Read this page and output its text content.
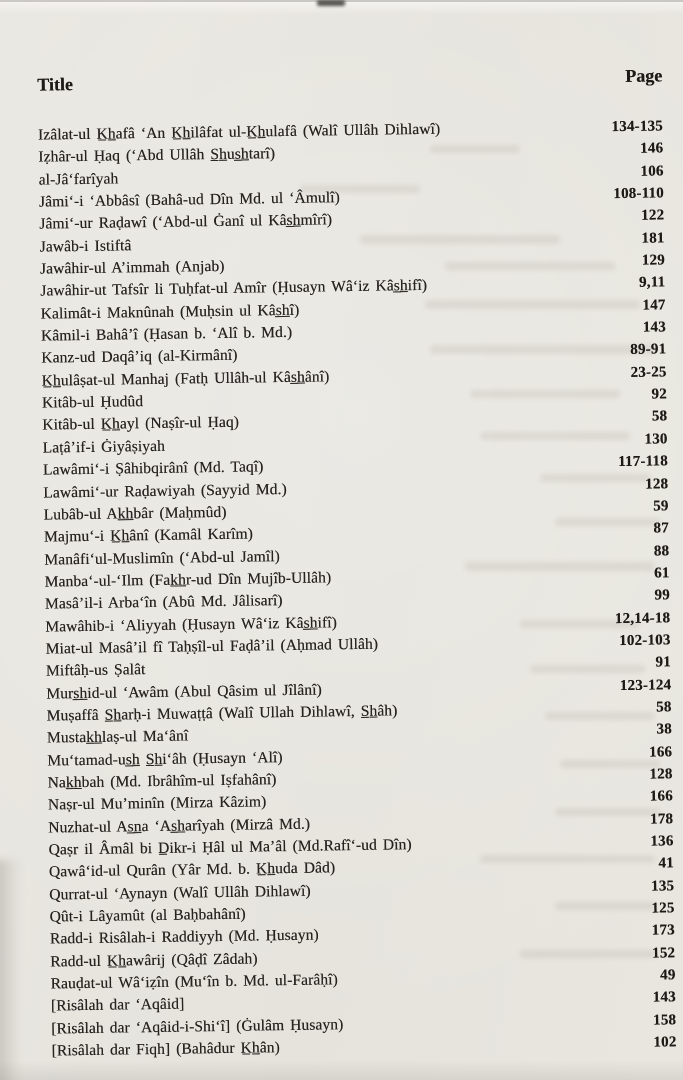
Title	Page
Izâlat-ul K̲h̲afâ ‘An K̲h̲ilâfat ul-K̲h̲ulafâ (Walî Ullâh Dihlawî)	134-135
Iẓhâr-ul Ḥaq (‘Abd Ullâh S̲h̲us̲h̲tarî)	146
al-Jâ‘farîyah	106
Jâmi‘-i ‘Abbâsî (Bahâ-ud Dîn Md. ul ‘Âmulî)	108-110
Jâmi‘-ur Raḍawî (‘Abd-ul Ġanî ul Kâs̲h̲mîrî)	122
Jawâb-i Istiftâ	181
Jawâhir-ul A’immah (Anjab)	129
Jawâhir-ut Tafsîr li Tuḥfat-ul Amîr (Ḥusayn Wâ‘iz Kâs̲h̲ifî)	9,11
Kalimât-i Maknûnah (Muḥsin ul Kâs̲h̲î)	147
Kâmil-i Bahâ’î (Ḥasan b. ‘Alî b. Md.)	143
Kanz-ud Daqâ’iq (al-Kirmânî)	89-91
K̲h̲ulâṣat-ul Manhaj (Fatḥ Ullâh-ul Kâs̲h̲ânî)	23-25
Kitâb-ul Ḥudûd	92
Kitâb-ul K̲h̲ayl (Naṣîr-ul Ḥaq)	58
Laṭâ’if-i Ġiyâṣiyah	130
Lawâmi‘-i Ṣâhibqirânî (Md. Taqî)	117-118
Lawâmi‘-ur Raḍawiyah (Sayyid Md.)	128
Lubâb-ul Ak̲h̲bâr (Maḥmûd)	59
Majmu‘-i K̲h̲ânî (Kamâl Karîm)	87
Manâfi‘ul-Muslimîn (‘Abd-ul Jamîl)	88
Manba‘-ul-‘Ilm (Fak̲h̲r-ud Dîn Mujîb-Ullâh)	61
Masâ’il-i Arba‘în (Abû Md. Jâlisarî)	99
Mawâhib-i ‘Aliyyah (Ḥusayn Wâ‘iz Kâs̲h̲ifî)	12,14-18
Miat-ul Masâ’il fî Taḥṣîl-ul Faḍâ’il (Aḥmad Ullâh)	102-103
Miftâḥ-us Ṣalât	91
Murs̲h̲id-ul ‘Awâm (Abul Qâsim ul Jîlânî)	123-124
Muṣaffâ S̲h̲arḥ-i Muwaṭṭâ (Walî Ullah Dihlawî, S̲h̲âh)	58
Mustak̲h̲laṣ-ul Ma‘ânî	38
Mu‘tamad-us̲h̲ S̲h̲i‘âh (Ḥusayn ‘Alî)	166
Nak̲h̲bah (Md. Ibrâhîm-ul Iṣfahânî)	128
Naṣr-ul Mu’minîn (Mirza Kâzim)	166
Nuzhat-ul As̲n̲a ‘As̲h̲arîyah (Mirzâ Md.)	178
Qaṣr il Âmâl bi D̲ikr-i Ḥâl ul Ma’âl (Md.Rafî‘-ud Dîn)	136
Qawâ‘id-ul Qurân (Yâr Md. b. K̲h̲uda Dâd)	41
Qurrat-ul ‘Aynayn (Walî Ullâh Dihlawî)	135
Qût-i Lâyamût (al Baḥbahânî)	125
Radd-i Risâlah-i Raddiyyh (Md. Ḥusayn)	173
Radd-ul K̲h̲awârij (Qâḍî Zâdah)	152
Rauḍat-ul Wâ‘iẓîn (Mu‘în b. Md. ul-Farâḥî)	49
[Risâlah dar ‘Aqâid]	143
[Risâlah dar ‘Aqâid-i-Shi‘î] (Ġulâm Ḥusayn)	158
[Risâlah dar Fiqh] (Bahâdur K̲h̲ân)	102
